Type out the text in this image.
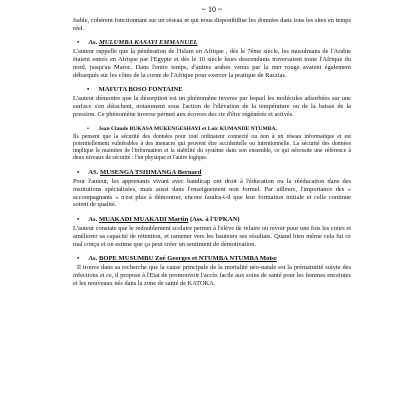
~ 10 ~

fiable, cohérent fonctionnant sur un réseau et qui nous disponibilise les données dans tous les sites en temps réel.

• As. MULUMBA KASAYI EMMANUEL

L'auteur rappelle que la pénétration de l'Islam en Afrique , dès le 7ème siècle, les musulmans de l'Arabie étaient entrés en Afrique par l'Egypte et dès le 10 siècle leurs descendants traversaient toute l'Afrique du nord, jusqu'au Maroc. Dans l'entre temps, d'autres arabes venus par la mer rouge avaient également débarqués sur les côtes de la corne de l'Afrique pour exercer la pratique de Razzias.

• MAFUTA BOSO FONTAINE

L'auteur démontre que la désorption est un phénomène inverse par lequel les molécules adsorbées sur une surface s'en détachent, notamment sous l'action de l'élévation de la température ou de la baisse de la pression. Ce phénomène inverse permet aux écorces des riz d'être régénérés et activés.

• Jean Claude BUKASA MUKENGESHAYI et Loïc KUMANDE NTUMBA,

Ils pensent que la sécurité des données pour tout ordinateur connecté ou non à un réseau informatique et est potentiellement vulnérables à des menaces qui peuvent être accidentelle ou intentionnelle. La sécurité des données implique le maintien de l'information et la stabilité du système dans son ensemble, ce qui nécessite une référence à deux niveaux de sécurité : l'un physique et l'autre logique.

• AS. MUSENGA TSHIMANGA Bernard

Pour l'auteur, les apprenants vivant avec handicap ont droit à l'éducation ou la rééducation dans des institutions spécialisées, mais aussi dans l'enseignement non formel. Par ailleurs, l'importance des « accompagnants » n'est plus à démontrer, encore faudra-t-il que leur formation initiale et celle continue soient de qualité.

• As. MUAKADI MUAKADI Martin (Ass. à l'UPKAN)

L'auteur constate que le redoublement scolaire permet à l'élève de refaire ou revoir pour une fois les cours et améliorer sa capacité de rétention, et ramener vers les hauteurs ses résultats. Quand bien même cela fut ce mal conçu et on estime que ça peut créer un sentiment de démotivation.

• As. BOPE MUSUMBU Zoé Georges et NTUMBA NTUMBA Moïse

Il trouve dans sa recherche que la cause principale de la mortalité néo-natale est la prématurité suivie des infections et ce, il propose à l'Etat de promouvoir l'accès facile aux soins de santé pour les femmes enceintes et les nouveaux nés dans la zone de santé de KATOKA.
